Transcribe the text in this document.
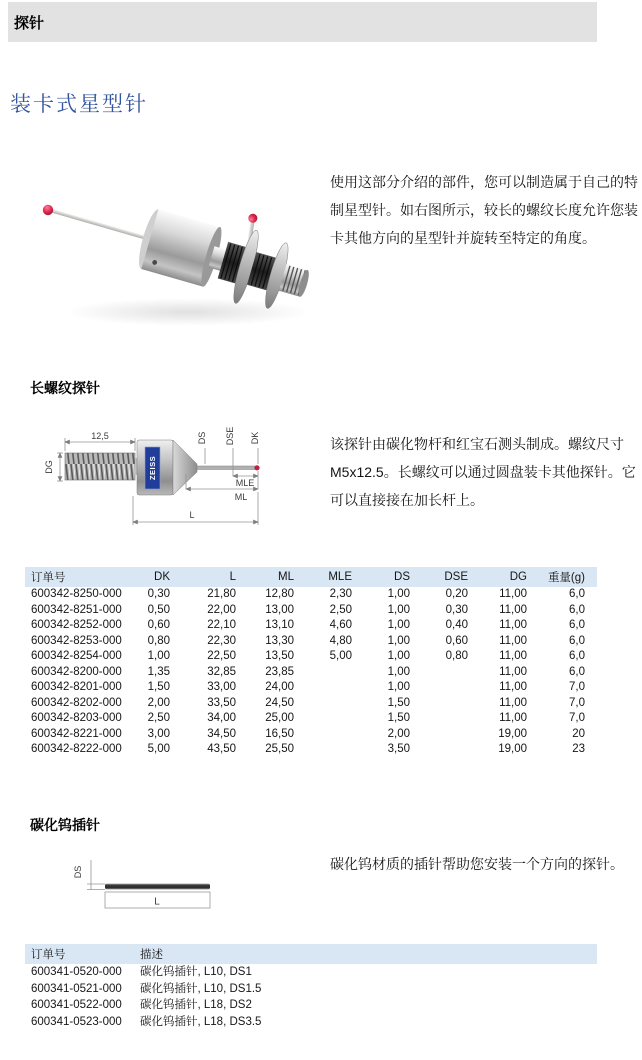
探针
装卡式星型针
使用这部分介绍的部件，您可以制造属于自己的特制星型针。如右图所示，较长的螺纹长度允许您装卡其他方向的星型针并旋转至特定的角度。
长螺纹探针
ZEISS
12,5
DG
DS DSE DK
MLE
ML
L
该探针由碳化物杆和红宝石测头制成。螺纹尺寸M5x12.5。长螺纹可以通过圆盘装卡其他探针。它可以直接接在加长杆上。
订单号	DK	L	ML	MLE	DS	DSE	DG	重量(g)
600342-8250-000	0,30	21,80	12,80	2,30	1,00	0,20	11,00	6,0
600342-8251-000	0,50	22,00	13,00	2,50	1,00	0,30	11,00	6,0
600342-8252-000	0,60	22,10	13,10	4,60	1,00	0,40	11,00	6,0
600342-8253-000	0,80	22,30	13,30	4,80	1,00	0,60	11,00	6,0
600342-8254-000	1,00	22,50	13,50	5,00	1,00	0,80	11,00	6,0
600342-8200-000	1,35	32,85	23,85		1,00		11,00	6,0
600342-8201-000	1,50	33,00	24,00		1,00		11,00	7,0
600342-8202-000	2,00	33,50	24,50		1,50		11,00	7,0
600342-8203-000	2,50	34,00	25,00		1,50		11,00	7,0
600342-8221-000	3,00	34,50	16,50		2,00		19,00	20
600342-8222-000	5,00	43,50	25,50		3,50		19,00	23
碳化钨插针
DS
L
碳化钨材质的插针帮助您安装一个方向的探针。
订单号	描述
600341-0520-000	碳化钨插针, L10, DS1
600341-0521-000	碳化钨插针, L10, DS1.5
600341-0522-000	碳化钨插针, L18, DS2
600341-0523-000	碳化钨插针, L18, DS3.5
